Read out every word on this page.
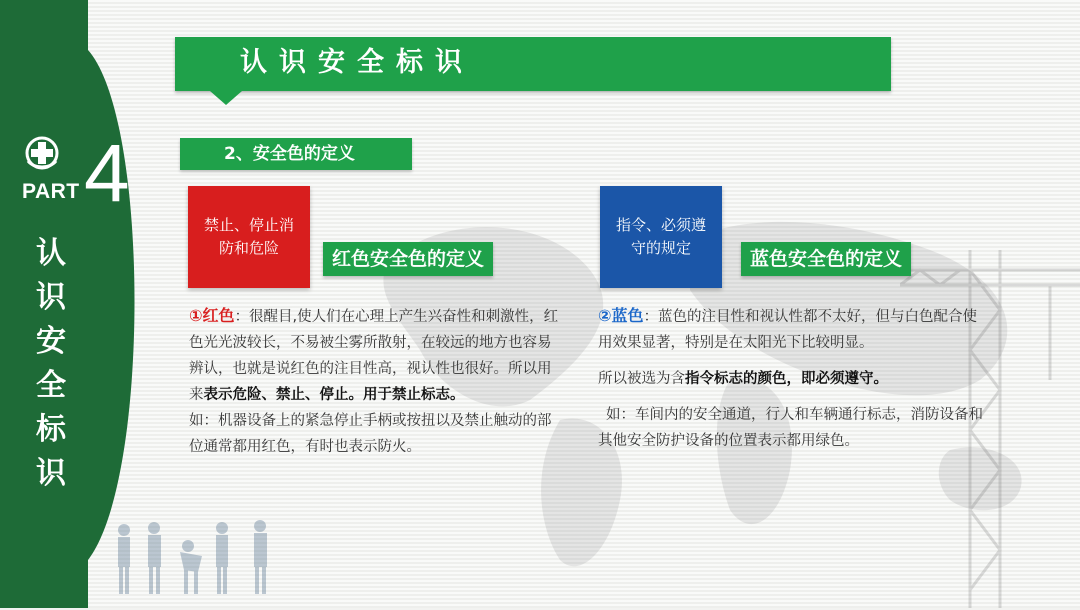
PART 4
认
识
安
全
标
识
认识安全标识
2、安全色的定义
禁止、停止消防和危险	红色安全色的定义
指令、必须遵守的规定	蓝色安全色的定义
①红色：很醒目,使人们在心理上产生兴奋性和刺激性，红色光光波较长，不易被尘雾所散射，在较远的地方也容易辨认，也就是说红色的注目性高，视认性也很好。所以用来表示危险、禁止、停止。用于禁止标志。
如：机器设备上的紧急停止手柄或按扭以及禁止触动的部位通常都用红色，有时也表示防火。
②蓝色：蓝色的注目性和视认性都不太好，但与白色配合使用效果显著，特别是在太阳光下比较明显。
所以被选为含指令标志的颜色，即必须遵守。
如：车间内的安全通道，行人和车辆通行标志，消防设备和其他安全防护设备的位置表示都用绿色。
